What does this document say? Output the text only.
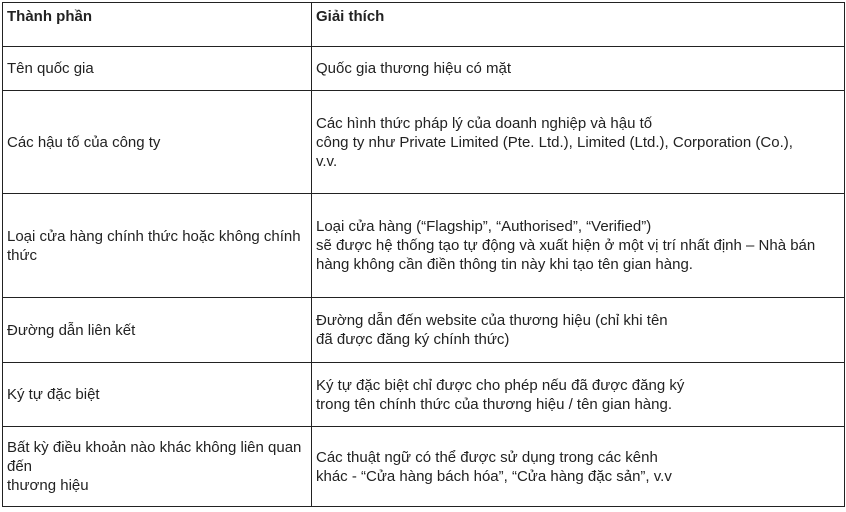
Thành phần	Giải thích
Tên quốc gia	Quốc gia thương hiệu có mặt
Các hậu tố của công ty	Các hình thức pháp lý của doanh nghiệp và hậu tố
công ty như Private Limited (Pte. Ltd.), Limited (Ltd.), Corporation (Co.),
v.v.
Loại cửa hàng chính thức hoặc không chính thức	Loại cửa hàng (“Flagship”, “Authorised”, “Verified”)
sẽ được hệ thống tạo tự động và xuất hiện ở một vị trí nhất định – Nhà bán
hàng không cần điền thông tin này khi tạo tên gian hàng.
Đường dẫn liên kết	Đường dẫn đến website của thương hiệu (chỉ khi tên
đã được đăng ký chính thức)
Ký tự đặc biệt	Ký tự đặc biệt chỉ được cho phép nếu đã được đăng ký
trong tên chính thức của thương hiệu / tên gian hàng.
Bất kỳ điều khoản nào khác không liên quan đến
thương hiệu	Các thuật ngữ có thể được sử dụng trong các kênh
khác - “Cửa hàng bách hóa”, “Cửa hàng đặc sản”, v.v
